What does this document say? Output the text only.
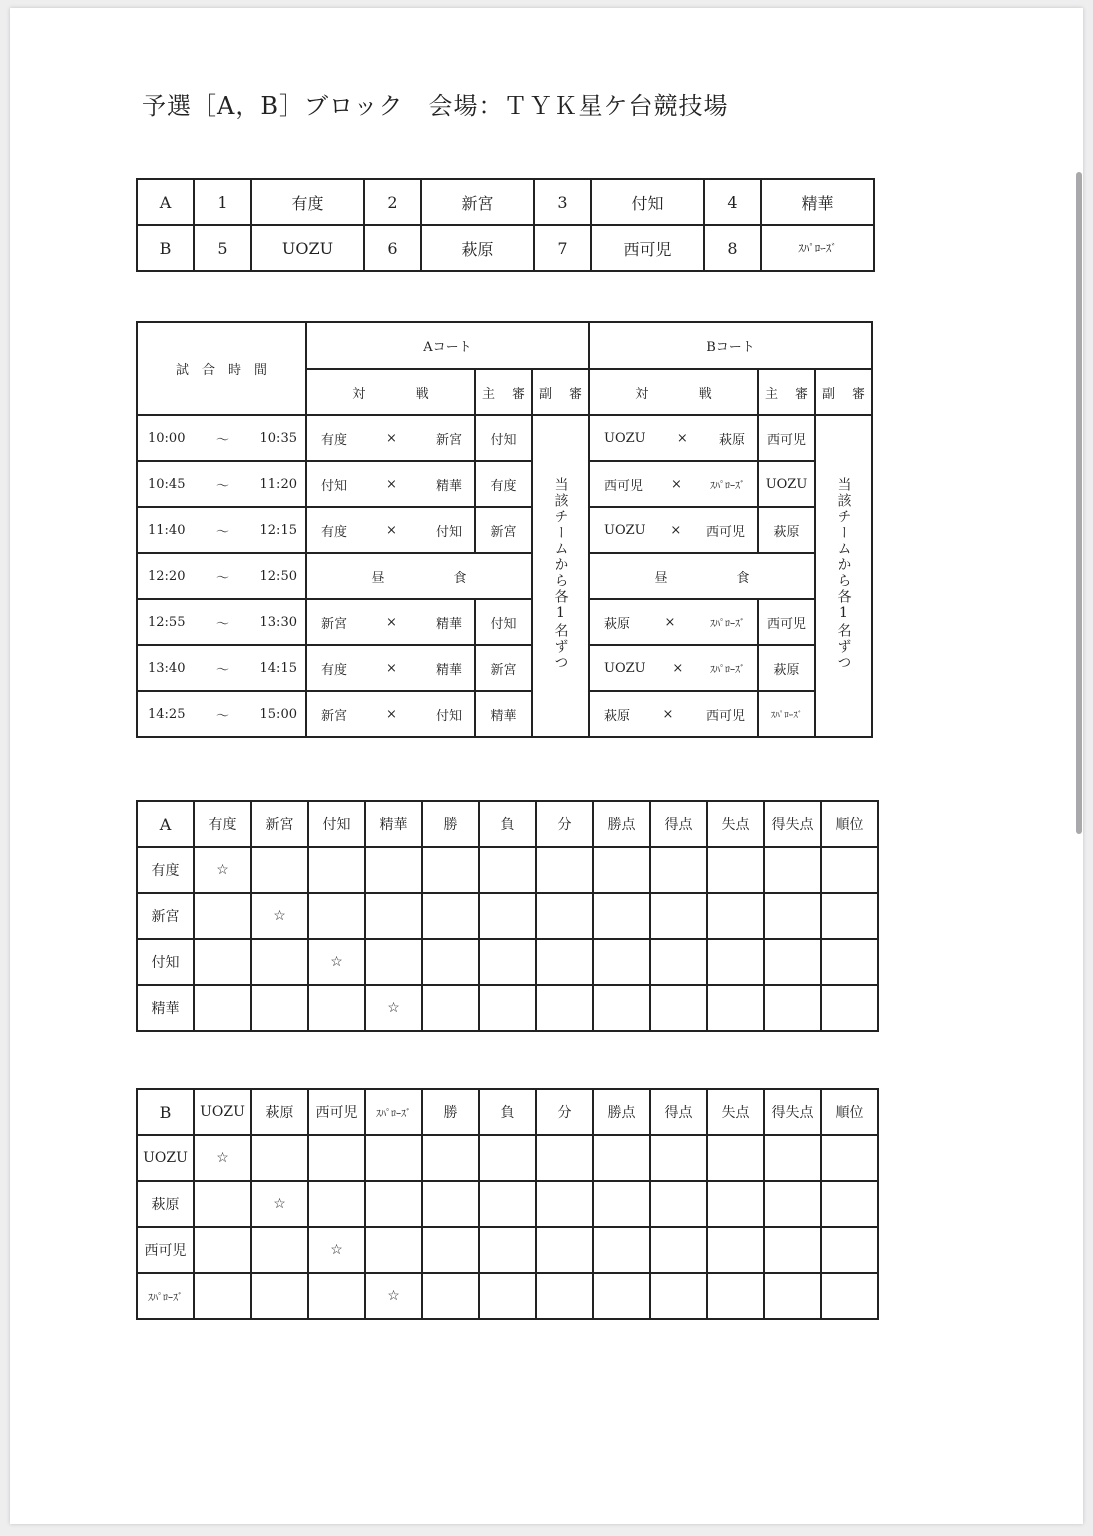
予選［A，B］ブロック　会場：ＴＹＫ星ケ台競技場
A	1	有度	2	新宮	3	付知	4	精華
B	5	UOZU	6	萩原	7	西可児	8	ｽﾊﾟﾛｰｽﾞ
試　合　時　間	Aコート			Bコート		

	対 戦	主 審	副 審	対 戦	主 審	副 審

10:00 〜 10:35	有度 × 新宮	付知	当該チームから各1名ずつ	UOZU × 萩原	西可児	当該チームから各1名ずつ

10:45 〜 11:20	付知 × 精華	有度		西可児 × ｽﾊﾟﾛｰｽﾞ	UOZU	

11:40 〜 12:15	有度 × 付知	新宮		UOZU × 西可児	萩原	

12:20 〜 12:50	昼 食			昼 食		

12:55 〜 13:30	新宮 × 精華	付知		萩原 × ｽﾊﾟﾛｰｽﾞ	西可児	

13:40 〜 14:15	有度 × 精華	新宮		UOZU × ｽﾊﾟﾛｰｽﾞ	萩原	

14:25 〜 15:00	新宮 × 付知	精華		萩原 × 西可児	ｽﾊﾟﾛｰｽﾞ	
A	有度	新宮	付知	精華	勝	負	分	勝点	得点	失点	得失点	順位
有度	☆											
新宮		☆										
付知			☆									
精華				☆								
B	UOZU	萩原	西可児	ｽﾊﾟﾛｰｽﾞ	勝	負	分	勝点	得点	失点	得失点	順位
UOZU	☆											
萩原		☆										
西可児			☆									
ｽﾊﾟﾛｰｽﾞ				☆								
